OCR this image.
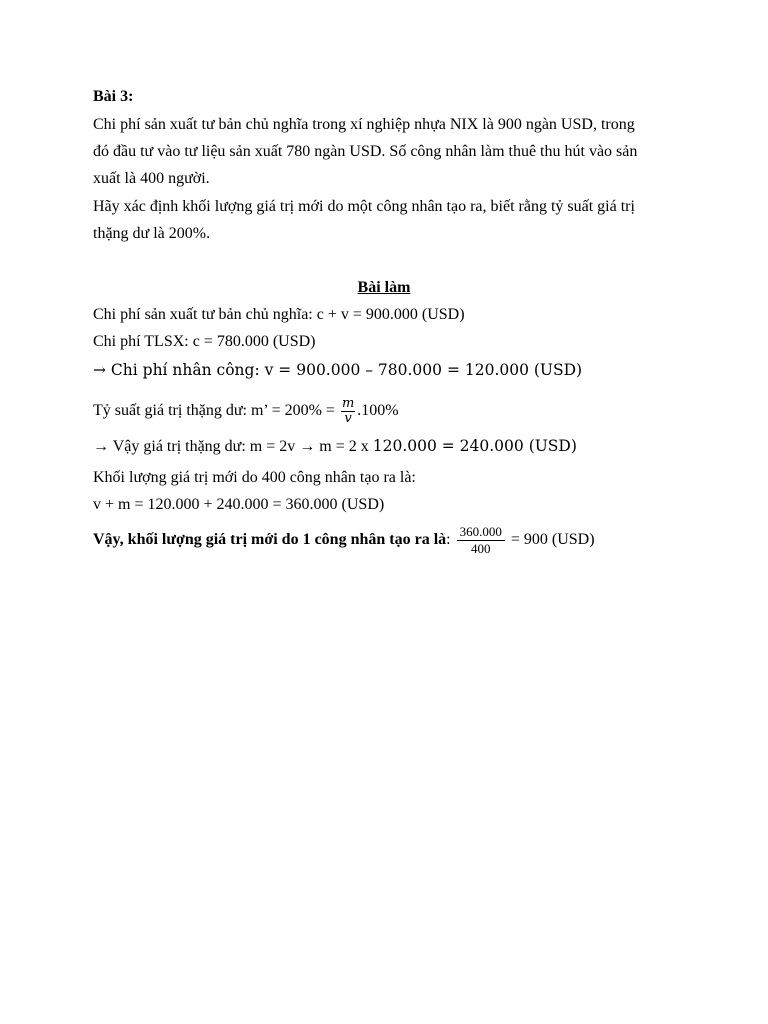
Bài 3:
Chi phí sản xuất tư bản chủ nghĩa trong xí nghiệp nhựa NIX là 900 ngàn USD, trong
đó đầu tư vào tư liệu sản xuất 780 ngàn USD. Số công nhân làm thuê thu hút vào sản
xuất là 400 người.
Hãy xác định khối lượng giá trị mới do một công nhân tạo ra, biết rằng tỷ suất giá trị
thặng dư là 200%.
Bài làm
Chi phí sản xuất tư bản chủ nghĩa: c + v = 900.000 (USD)
Chi phí TLSX: c = 780.000 (USD)
→ Chi phí nhân công: v = 900.000 – 780.000 = 120.000 (USD)
Tỷ suất giá trị thặng dư: m’ = $200\% = \frac{m}{v} .100\%$
→ Vậy giá trị thặng dư: m = 2v → m = 2 x 120.000 = 240.000 (USD)
Khối lượng giá trị mới do 400 công nhân tạo ra là:
v + m = 120.000 + 240.000 = 360.000 (USD)
Vậy, khối lượng giá trị mới do 1 công nhân tạo ra là: $\frac{360.000}{400} = 900$ (USD)
